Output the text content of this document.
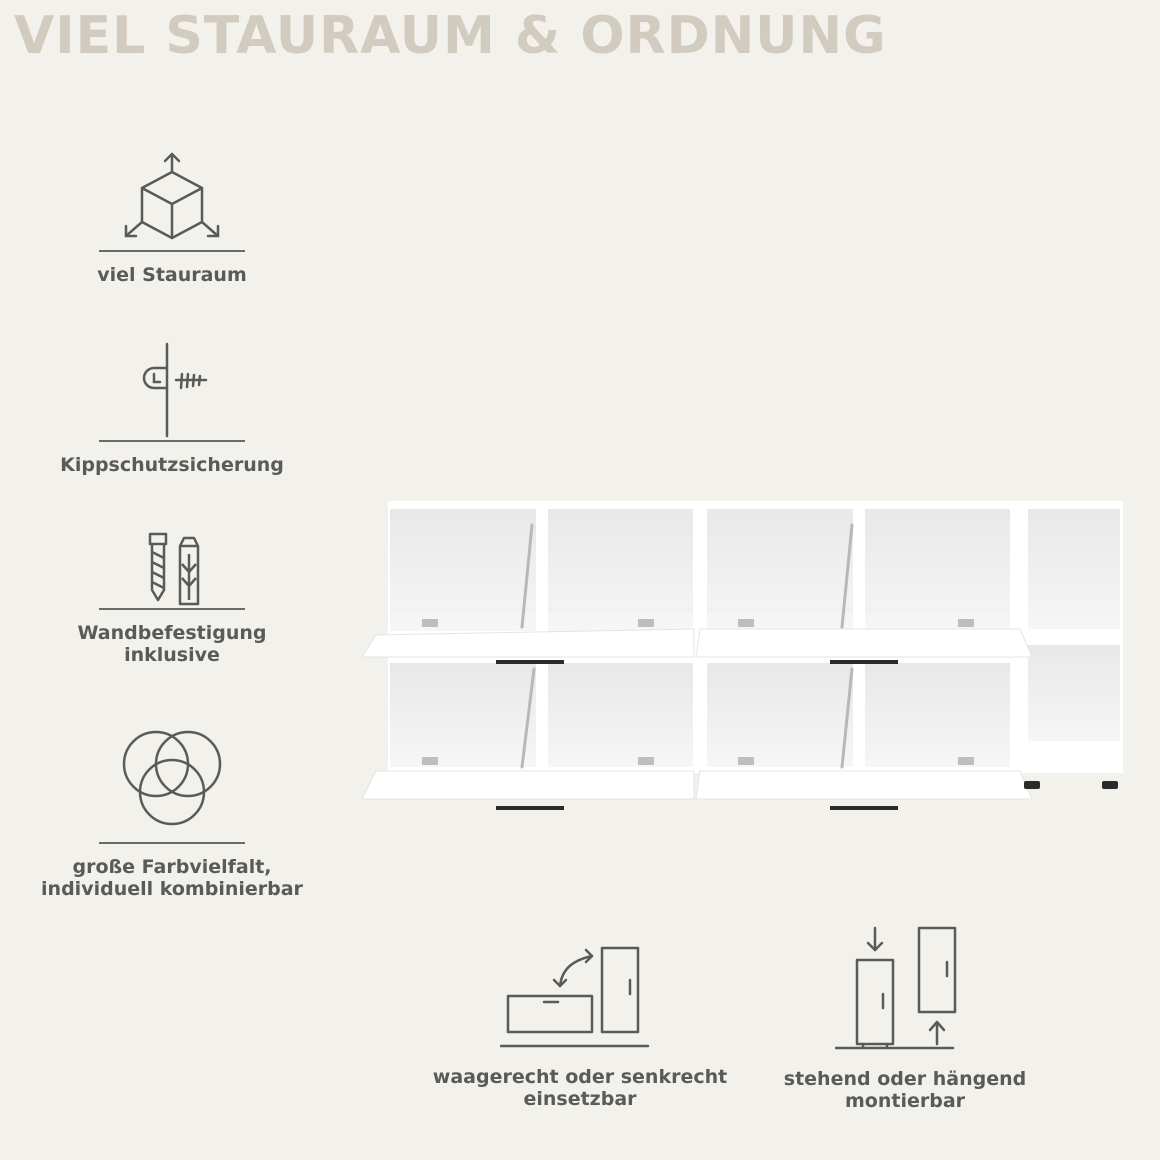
VIEL STAURAUM & ORDNUNG
viel Stauraum
Kippschutzsicherung
Wandbefestigung
inklusive
große Farbvielfalt,
individuell kombinierbar
waagerecht oder senkrecht
einsetzbar
stehend oder hängend
montierbar
